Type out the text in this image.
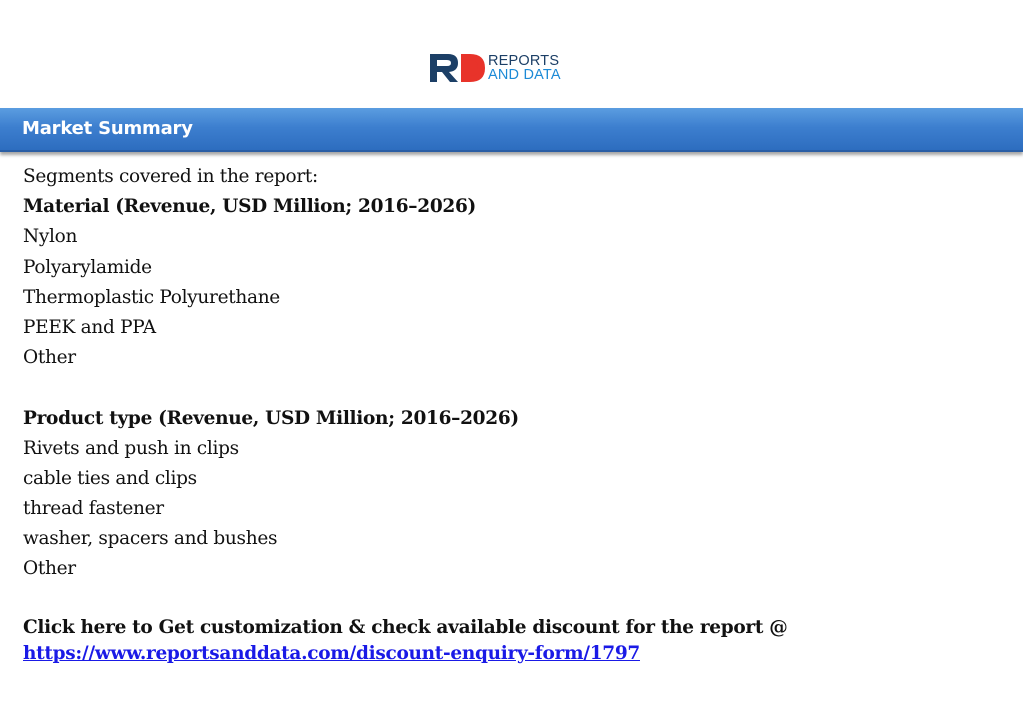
REPORTS
AND DATA
Market Summary

Segments covered in the report:

Material (Revenue, USD Million; 2016–2026)

Nylon

Polyarylamide

Thermoplastic Polyurethane

PEEK and PPA

Other

Product type (Revenue, USD Million; 2016–2026)

Rivets and push in clips

cable ties and clips

thread fastener

washer, spacers and bushes

Other

Click here to Get customization & check available discount for the report @
https://www.reportsanddata.com/discount-enquiry-form/1797
